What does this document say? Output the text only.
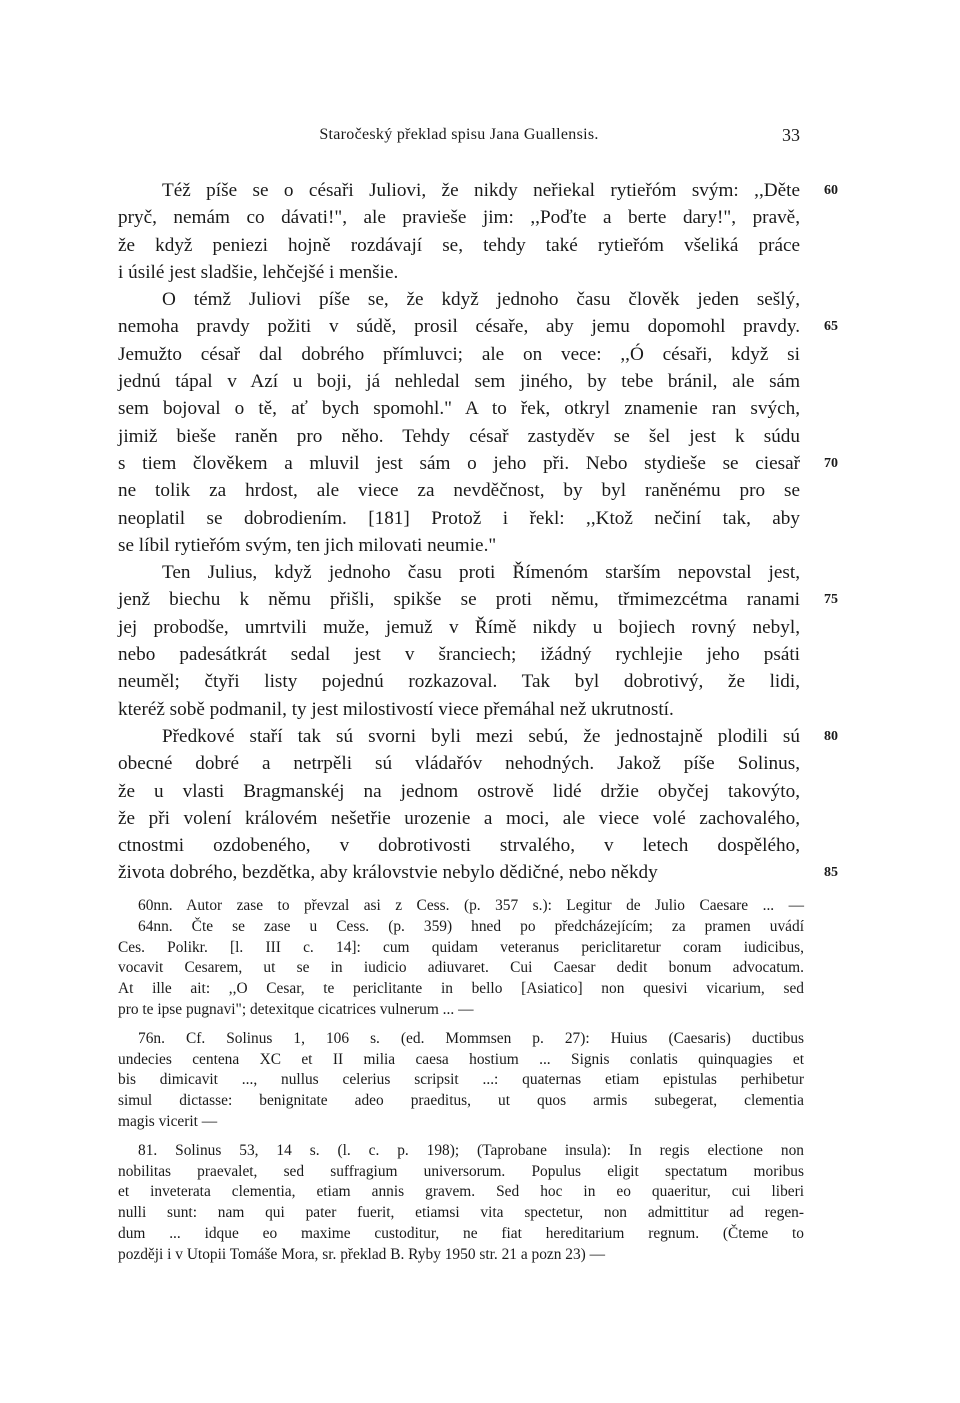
Staročeský překlad spisu Jana Guallensis.	33
Též píše se o césaři Juliovi, že nikdy neřiekal rytieřóm svým: ,,Děte 60
pryč, nemám co dávati!", ale pravieše jim: ,,Poďte a berte dary!", pravě,
že když peniezi hojně rozdávají se, tehdy také rytieřóm všeliká práce
i úsilé jest sladšie, lehčejšé i menšie.
O témž Juliovi píše se, že když jednoho času člověk jeden sešlý,
nemoha pravdy požiti v súdě, prosil césaře, aby jemu dopomohl pravdy. 65
Jemužto césař dal dobrého přímluvci; ale on vece: ,,Ó césaři, když si
jednú tápal v Azí u boji, já nehledal sem jiného, by tebe bránil, ale sám
sem bojoval o tě, ať bych spomohl." A to řek, otkryl znamenie ran svých,
jimiž bieše raněn pro něho. Tehdy césař zastyděv se šel jest k súdu
s tiem člověkem a mluvil jest sám o jeho při. Nebo stydieše se ciesař 70
ne tolik za hrdost, ale viece za nevděčnost, by byl raněnému pro se
neoplatil se dobrodiením. [181] Protož i řekl: ,,Ktož nečiní tak, aby
se líbil rytieřóm svým, ten jich milovati neumie."
Ten Julius, když jednoho času proti Římenóm starším nepovstal jest,
jenž biechu k němu přišli, spikše se proti němu, třmimezcétma ranami 75
jej probodše, umrtvili muže, jemuž v Římě nikdy u bojiech rovný nebyl,
nebo padesátkrát sedal jest v šranciech; ižádný rychlejie jeho psáti
neuměl; čtyři listy pojednú rozkazoval. Tak byl dobrotivý, že lidi,
kteréž sobě podmanil, ty jest milostivostí viece přemáhal než ukrutností.
Předkové staří tak sú svorni byli mezi sebú, že jednostajně plodili sú 80
obecné dobré a netrpěli sú vládařóv nehodných. Jakož píše Solinus,
že u vlasti Bragmanskéj na jednom ostrově lidé držie obyčej takovýto,
že při volení královém nešetřie urozenie a moci, ale viece volé zachovalého,
ctnostmi ozdobeného, v dobrotivosti strvalého, v letech dospělého,
života dobrého, bezdětka, aby královstvie nebylo dědičné, nebo někdy	85
60nn. Autor zase to převzal asi z Cess. (p. 357 s.): Legitur de Julio Caesare ... —
64nn. Čte se zase u Cess. (p. 359) hned po předcházejícím; za pramen uvádí
Ces. Polikr. [l. III c. 14]: cum quidam veteranus periclitaretur coram iudicibus,
vocavit Cesarem, ut se in iudicio adiuvaret. Cui Caesar dedit bonum advocatum.
At ille ait: ,,O Cesar, te periclitante in bello [Asiatico] non quesivi vicarium, sed
pro te ipse pugnavi"; detexitque cicatrices vulnerum ... —
76n. Cf. Solinus 1, 106 s. (ed. Mommsen p. 27): Huius (Caesaris) ductibus
undecies centena XC et II milia caesa hostium ... Signis conlatis quinquagies et
bis dimicavit ..., nullus celerius scripsit ...: quaternas etiam epistulas perhibetur
simul dictasse: benignitate adeo praeditus, ut quos armis subegerat, clementia
magis vicerit —
81. Solinus 53, 14 s. (l. c. p. 198); (Taprobane insula): In regis electione non
nobilitas praevalet, sed suffragium universorum. Populus eligit spectatum moribus
et inveterata clementia, etiam annis gravem. Sed hoc in eo quaeritur, cui liberi
nulli sunt: nam qui pater fuerit, etiamsi vita spectetur, non admittitur ad regen-
dum ... idque eo maxime custoditur, ne fiat hereditarium regnum. (Čteme to
později i v Utopii Tomáše Mora, sr. překlad B. Ryby 1950 str. 21 a pozn 23) —
